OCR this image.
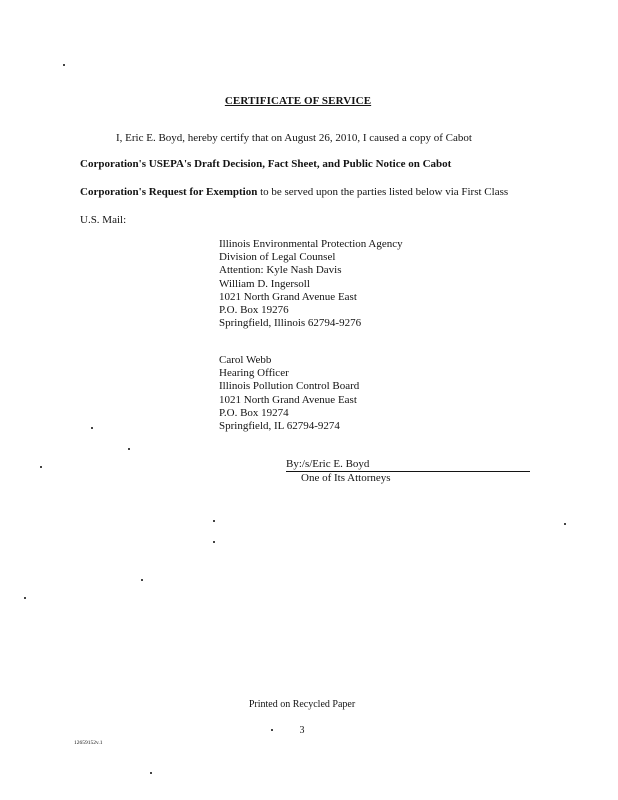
CERTIFICATE OF SERVICE
I, Eric E. Boyd, hereby certify that on August 26, 2010, I caused a copy of Cabot
Corporation's USEPA's Draft Decision, Fact Sheet, and Public Notice on Cabot
Corporation's Request for Exemption to be served upon the parties listed below via First Class
U.S. Mail:
Illinois Environmental Protection Agency
Division of Legal Counsel
Attention: Kyle Nash Davis
William D. Ingersoll
1021 North Grand Avenue East
P.O. Box 19276
Springfield, Illinois 62794-9276
Carol Webb
Hearing Officer
Illinois Pollution Control Board
1021 North Grand Avenue East
P.O. Box 19274
Springfield, IL 62794-9274
By:/s/Eric E. Boyd
One of Its Attorneys
Printed on Recycled Paper
3
12659152v.1
